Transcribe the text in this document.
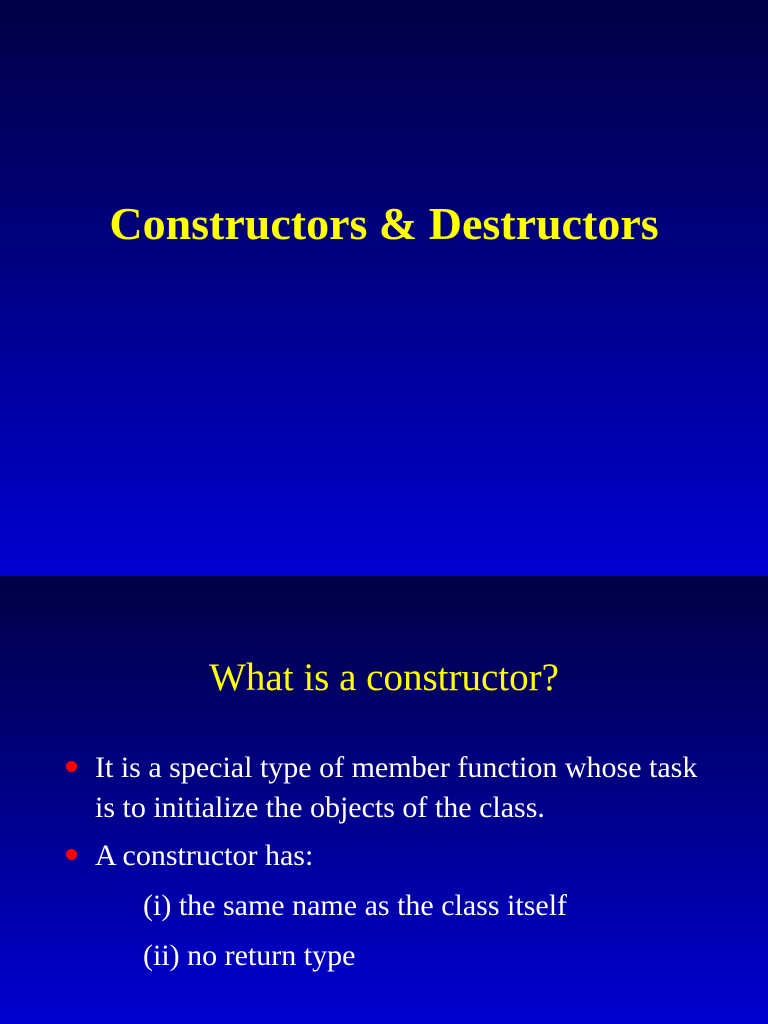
Constructors & Destructors
What is a constructor?
It is a special type of member function whose task is to initialize the objects of the class.
A constructor has:
(i) the same name as the class itself
(ii) no return type
